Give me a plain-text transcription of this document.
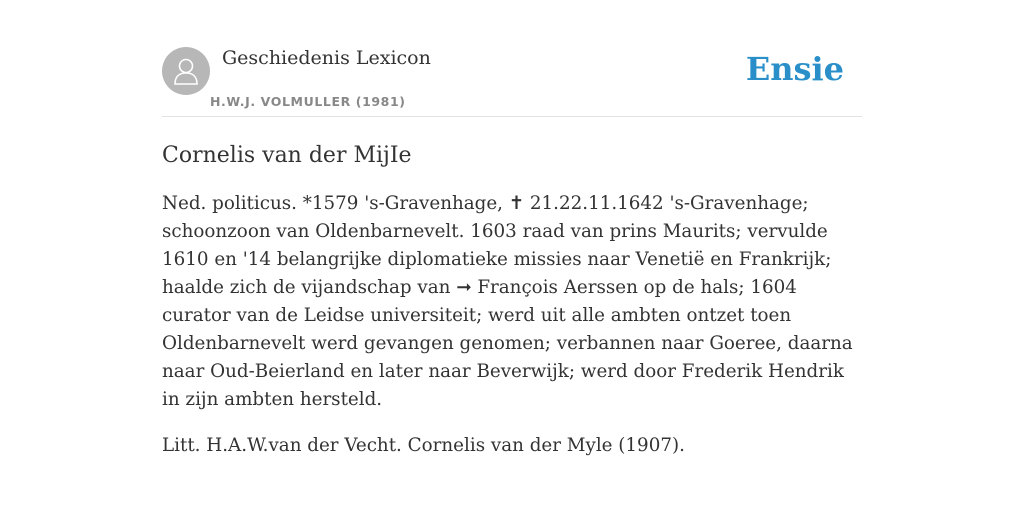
Geschiedenis Lexicon
H.W.J. VOLMULLER (1981)
Ensie
Cornelis van der MijIe

Ned. politicus. *1579 's-Gravenhage, ✝ 21.22.11.1642 's-Gravenhage; schoonzoon van Oldenbarnevelt. 1603 raad van prins Maurits; vervulde 1610 en '14 belangrijke diplomatieke missies naar Venetië en Frankrijk; haalde zich de vijandschap van ➞ François Aerssen op de hals; 1604 curator van de Leidse universiteit; werd uit alle ambten ontzet toen Oldenbarnevelt werd gevangen genomen; verbannen naar Goeree, daarna naar Oud-Beierland en later naar Beverwijk; werd door Frederik Hendrik in zijn ambten hersteld.

Litt. H.A.W.van der Vecht. Cornelis van der Myle (1907).
